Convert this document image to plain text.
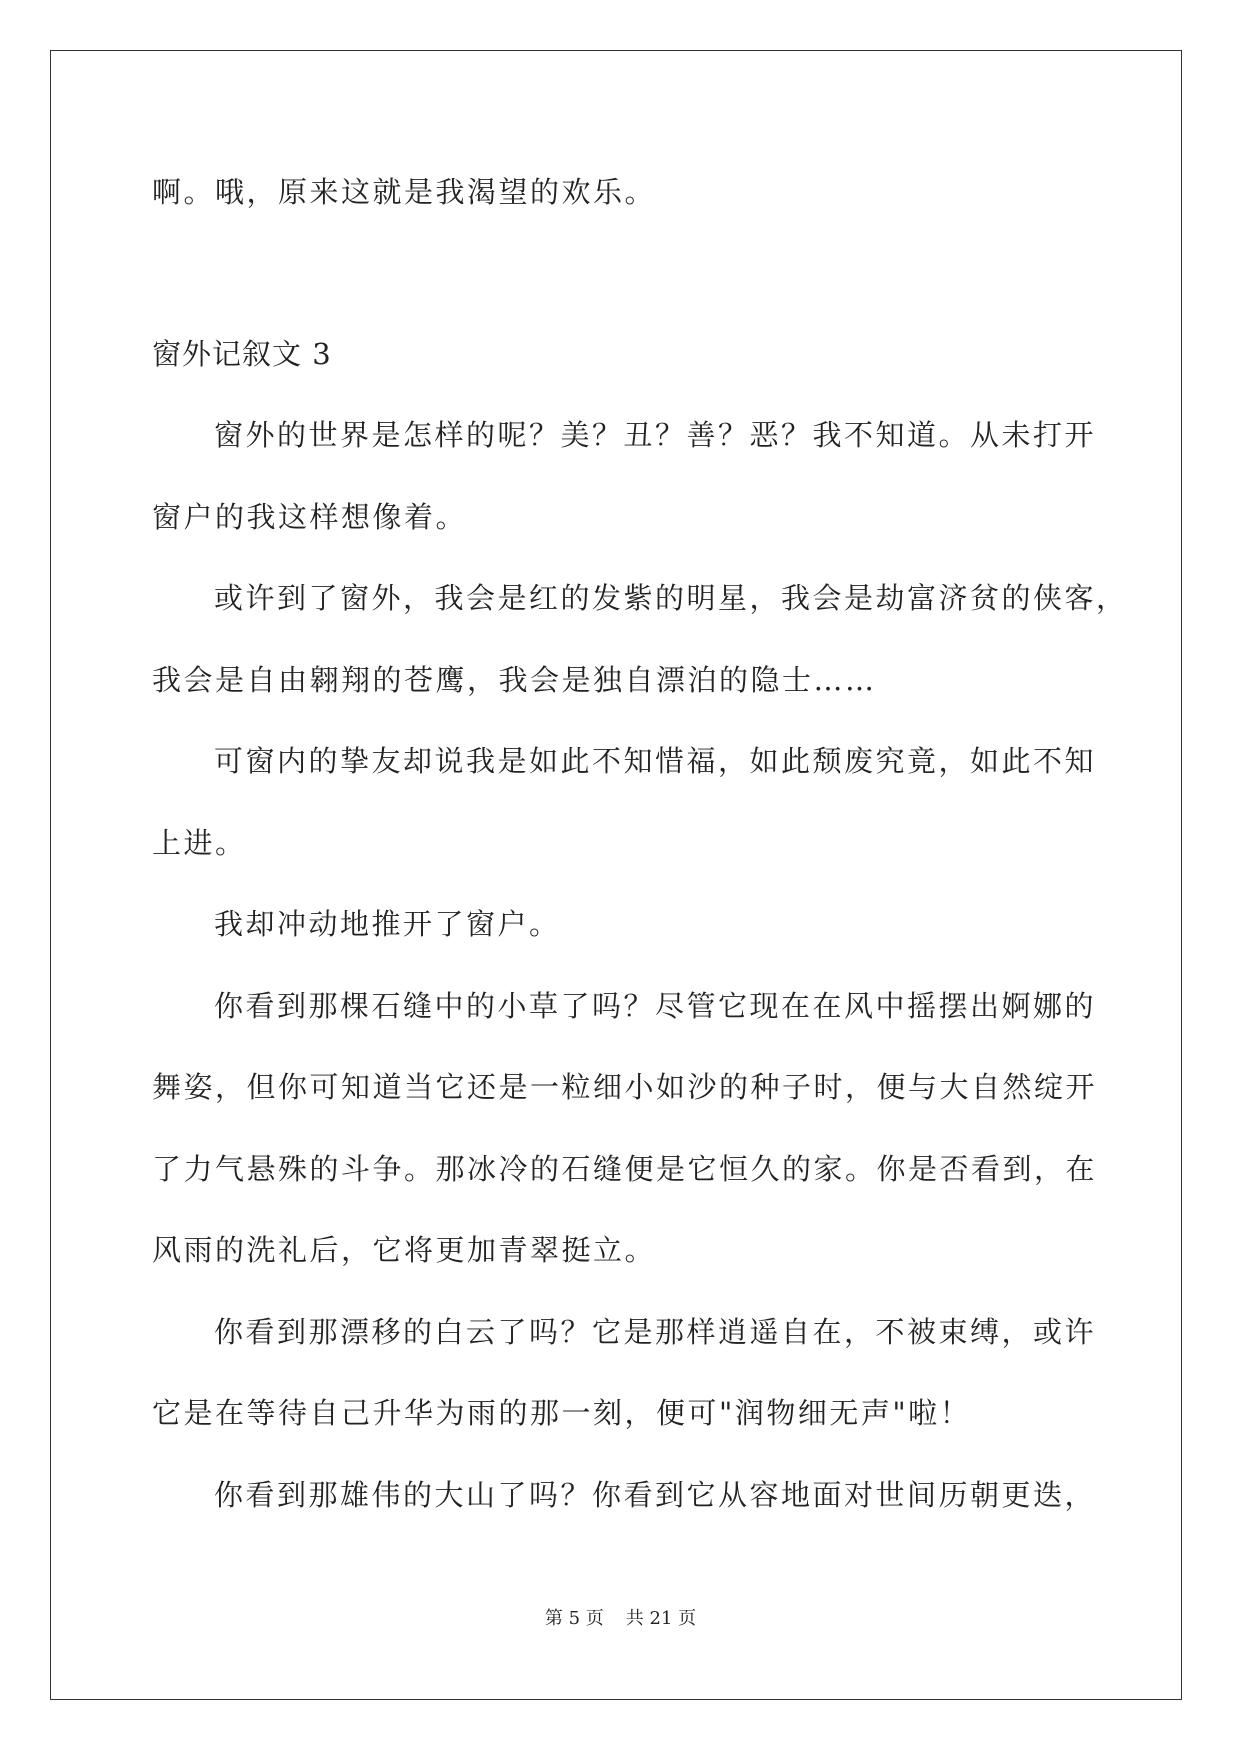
啊。哦，原来这就是我渴望的欢乐。
窗外记叙文 3
窗外的世界是怎样的呢？美？丑？善？恶？我不知道。从未打开
窗户的我这样想像着。
或许到了窗外，我会是红的发紫的明星，我会是劫富济贫的侠客，
我会是自由翱翔的苍鹰，我会是独自漂泊的隐士……
可窗内的挚友却说我是如此不知惜福，如此颓废究竟，如此不知
上进。
我却冲动地推开了窗户。
你看到那棵石缝中的小草了吗？尽管它现在在风中摇摆出婀娜的
舞姿，但你可知道当它还是一粒细小如沙的种子时，便与大自然绽开
了力气悬殊的斗争。那冰冷的石缝便是它恒久的家。你是否看到，在
风雨的洗礼后，它将更加青翠挺立。
你看到那漂移的白云了吗？它是那样逍遥自在，不被束缚，或许
它是在等待自己升华为雨的那一刻，便可"润物细无声"啦！
你看到那雄伟的大山了吗？你看到它从容地面对世间历朝更迭，
第 5 页 共 21 页
